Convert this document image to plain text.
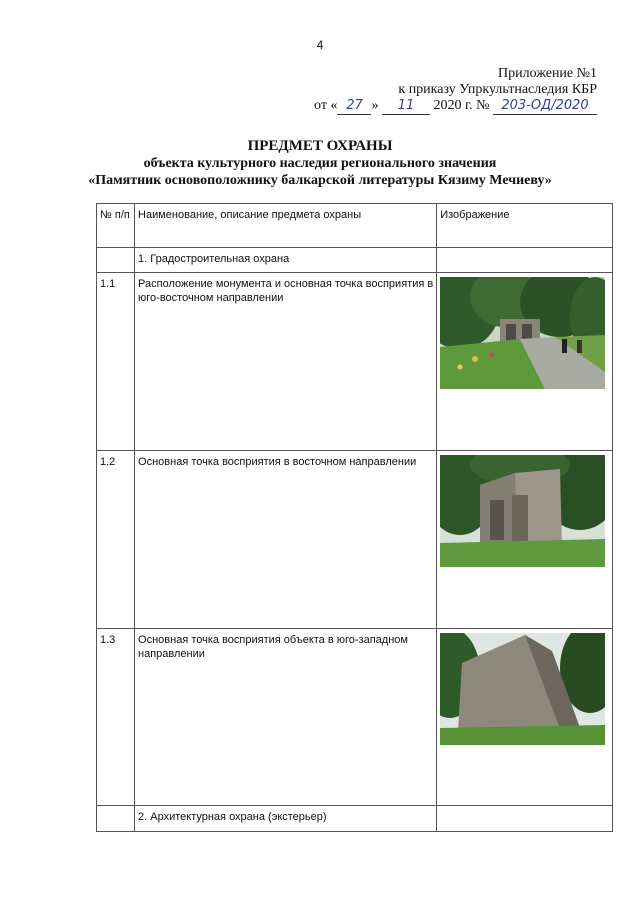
4
Приложение №1
к приказу Упркультнаследия КБР
от « 27 » 11 2020 г. № 203-ОД/2020
ПРЕДМЕТ ОХРАНЫ
объекта культурного наследия регионального значения
«Памятник основоположнику балкарской литературы Кязиму Мечиеву»
№ п/п	Наименование, описание предмета охраны	Изображение
	1. Градостроительная охрана	
1.1	Расположение монумента и основная точка восприятия в юго-восточном направлении	

1.2	Основная точка восприятия в восточном направлении	

1.3	Основная точка восприятия объекта в юго-западном направлении	

	2. Архитектурная охрана (экстерьер)	
